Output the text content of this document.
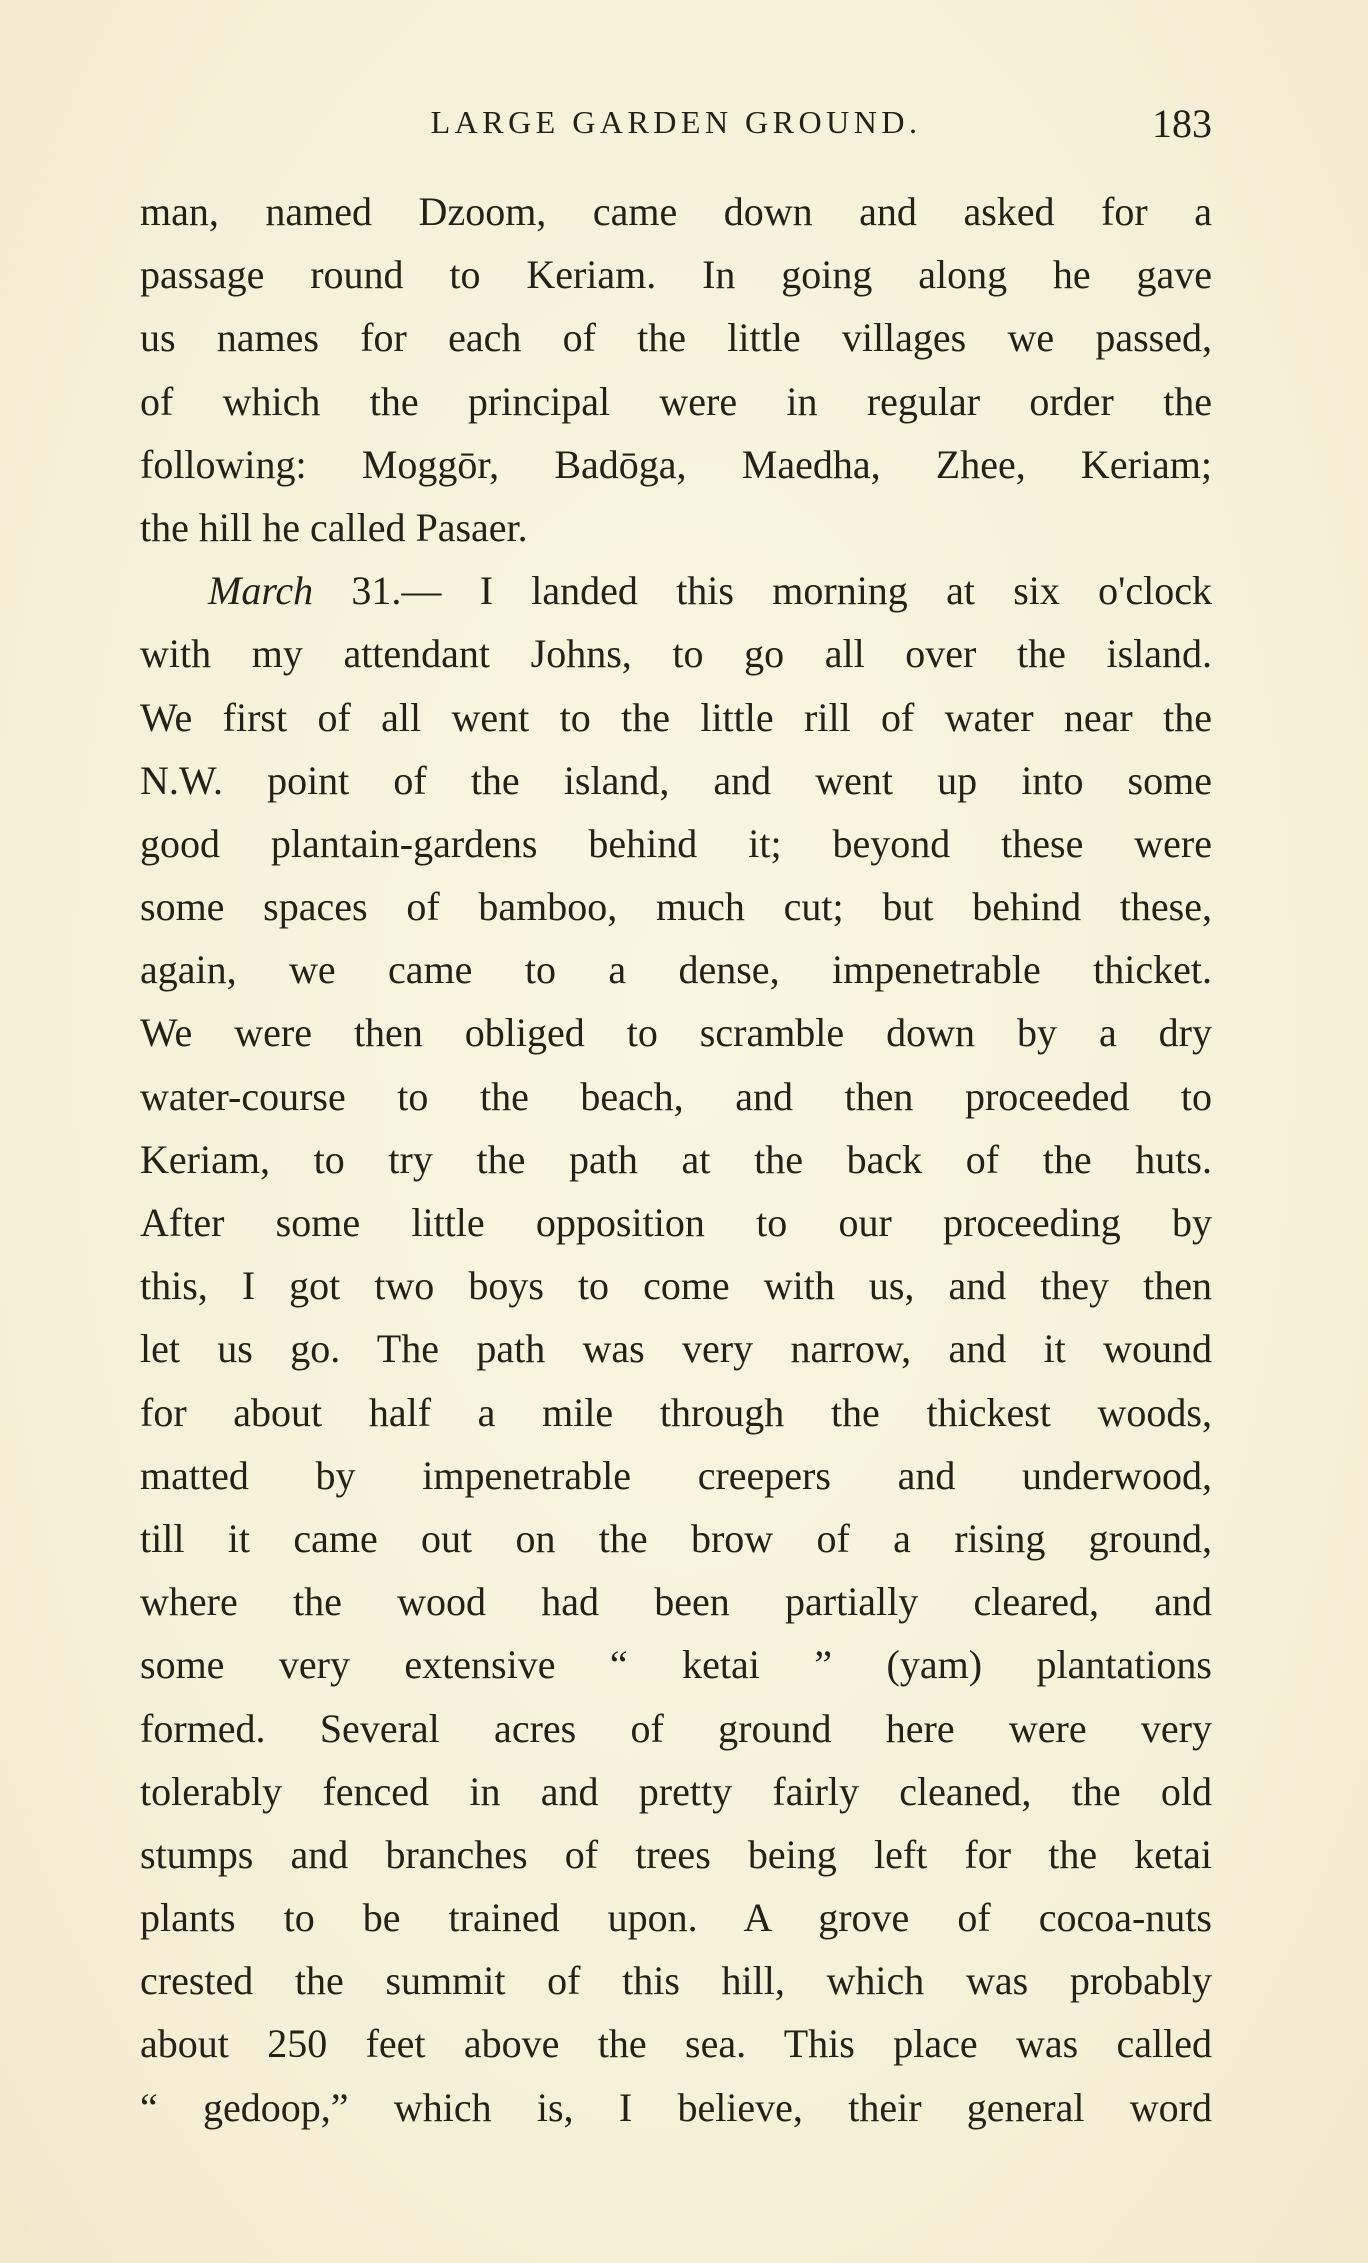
LARGE GARDEN GROUND.	183
man, named Dzoom, came down and asked for a
passage round to Keriam. In going along he gave
us names for each of the little villages we passed,
of which the principal were in regular order the
following: Moggōr, Badōga, Maedha, Zhee, Keriam;
the hill he called Pasaer.
March 31.— I landed this morning at six o'clock
with my attendant Johns, to go all over the island.
We first of all went to the little rill of water near the
N.W. point of the island, and went up into some
good plantain-gardens behind it; beyond these were
some spaces of bamboo, much cut; but behind these,
again, we came to a dense, impenetrable thicket.
We were then obliged to scramble down by a dry
water-course to the beach, and then proceeded to
Keriam, to try the path at the back of the huts.
After some little opposition to our proceeding by
this, I got two boys to come with us, and they then
let us go. The path was very narrow, and it wound
for about half a mile through the thickest woods,
matted by impenetrable creepers and underwood,
till it came out on the brow of a rising ground,
where the wood had been partially cleared, and
some very extensive “ ketai ” (yam) plantations
formed. Several acres of ground here were very
tolerably fenced in and pretty fairly cleaned, the old
stumps and branches of trees being left for the ketai
plants to be trained upon. A grove of cocoa-nuts
crested the summit of this hill, which was probably
about 250 feet above the sea. This place was called
“ gedoop,” which is, I believe, their general word
